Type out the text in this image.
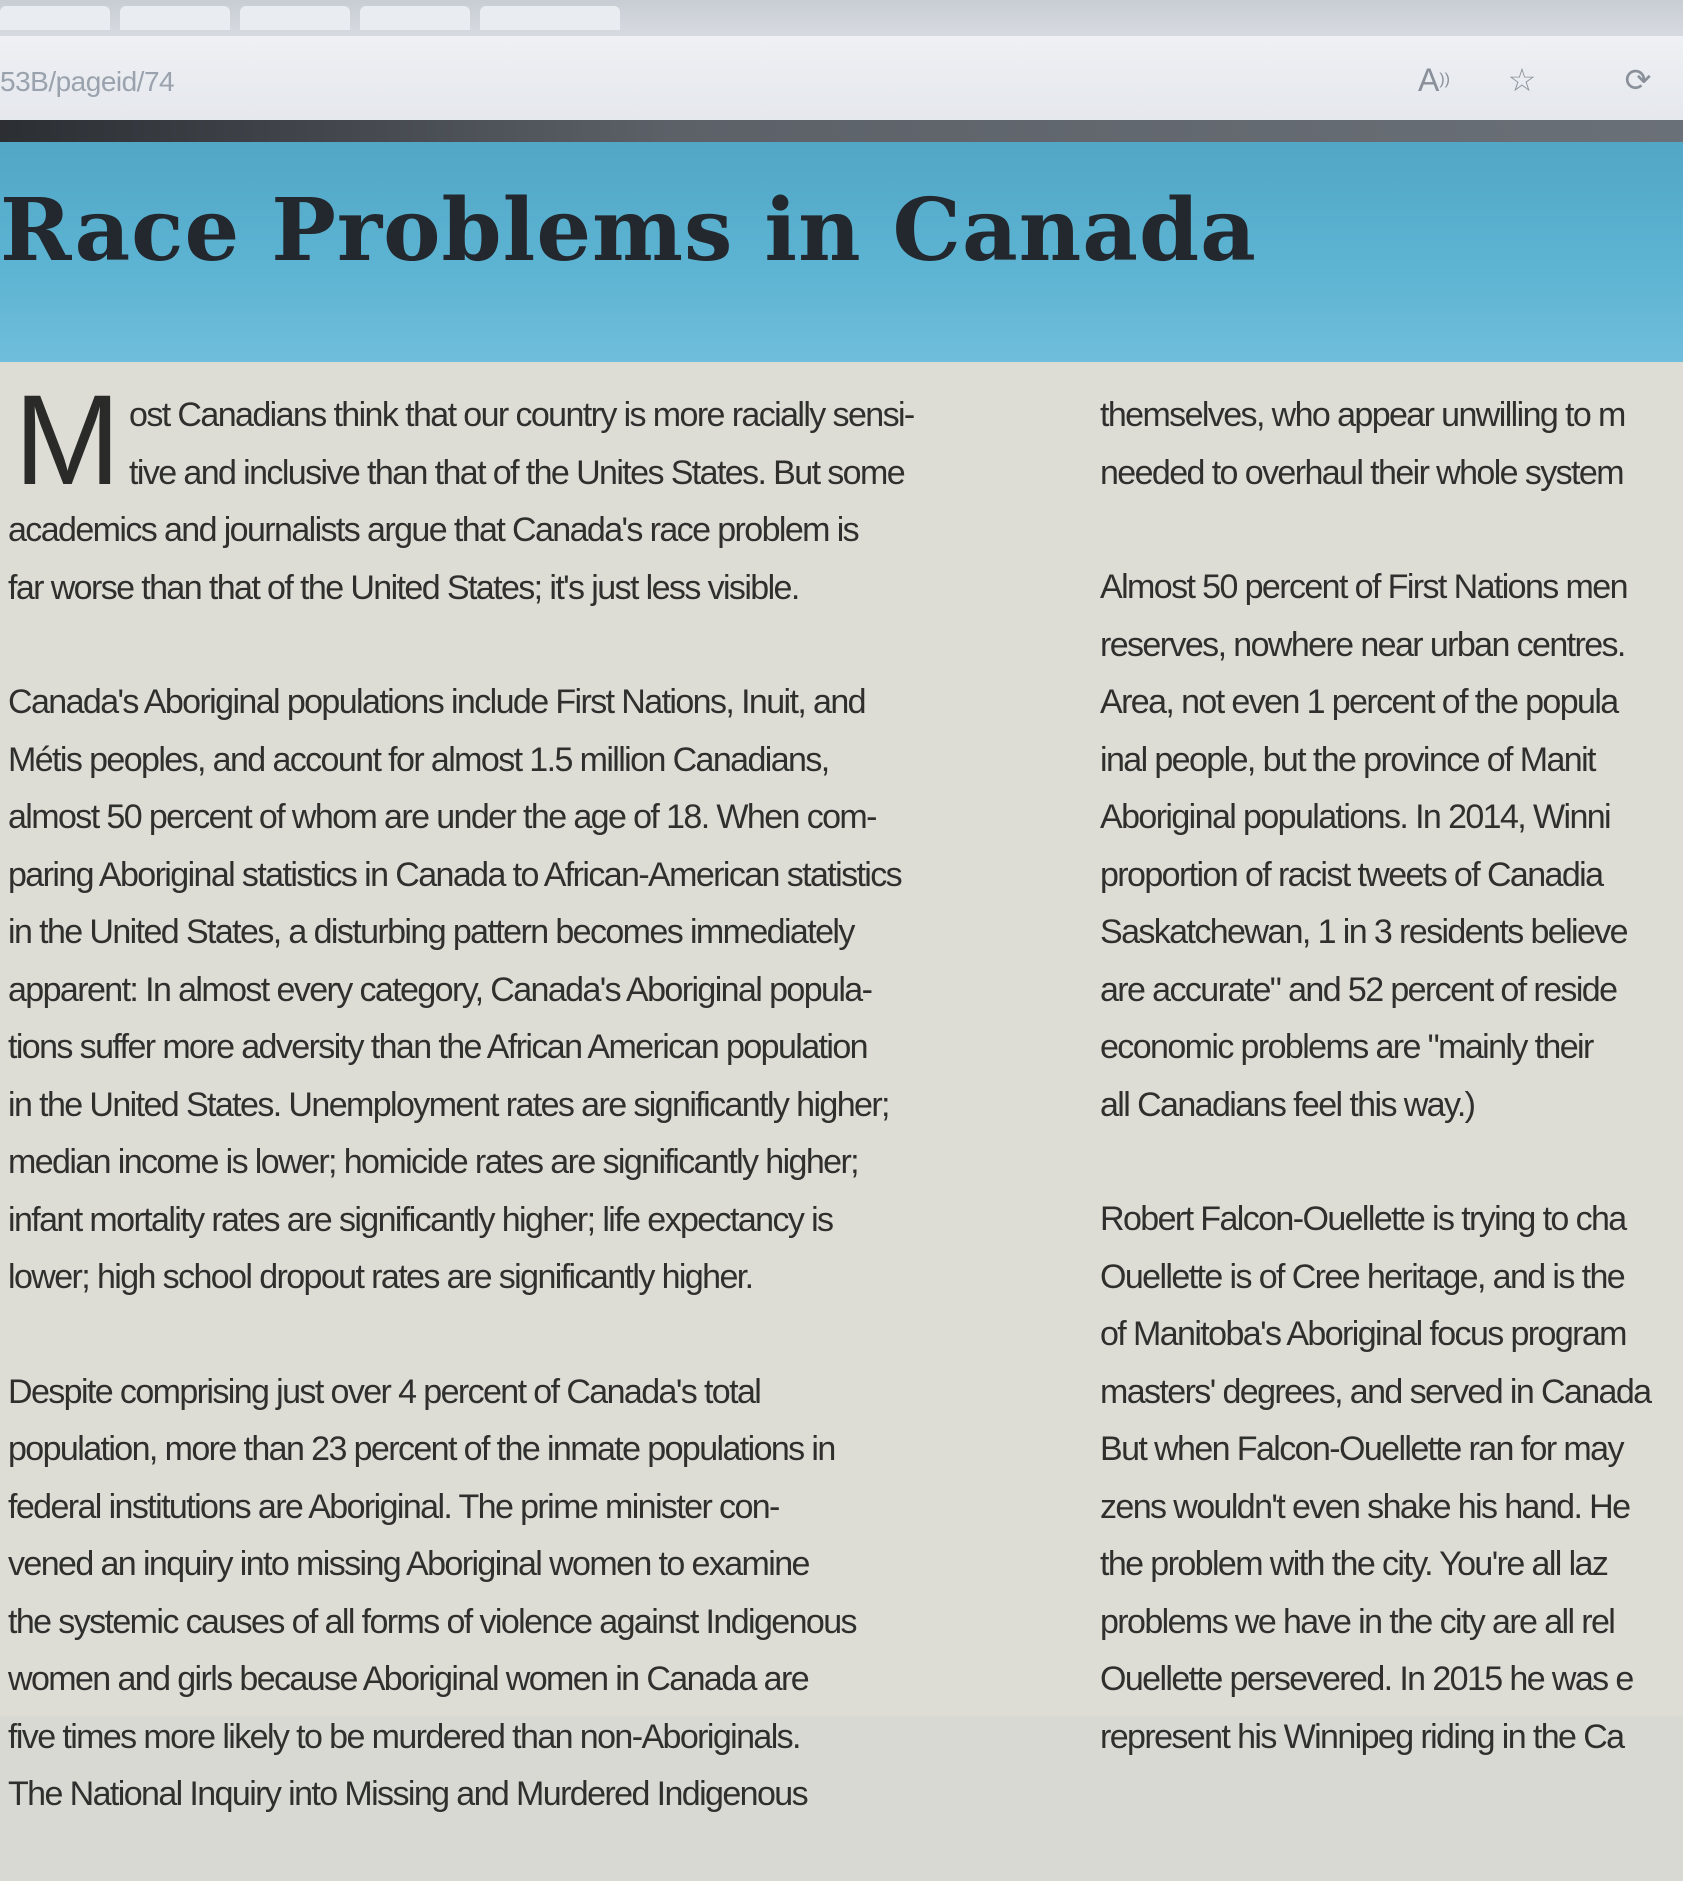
53B/pageid/74	A )) ☆	⟳
Race Problems in Canada

M ost Canadians think that our country is more racially sensi-
tive and inclusive than that of the Unites States. But some
academics and journalists argue that Canada's race problem is
far worse than that of the United States; it's just less visible.

Canada's Aboriginal populations include First Nations, Inuit, and
Métis peoples, and account for almost 1.5 million Canadians,
almost 50 percent of whom are under the age of 18. When com-
paring Aboriginal statistics in Canada to African-American statistics
in the United States, a disturbing pattern becomes immediately
apparent: In almost every category, Canada's Aboriginal popula-
tions suffer more adversity than the African American population
in the United States. Unemployment rates are significantly higher;
median income is lower; homicide rates are significantly higher;
infant mortality rates are significantly higher; life expectancy is
lower; high school dropout rates are significantly higher.

Despite comprising just over 4 percent of Canada's total
population, more than 23 percent of the inmate populations in
federal institutions are Aboriginal. The prime minister con-
vened an inquiry into missing Aboriginal women to examine
the systemic causes of all forms of violence against Indigenous
women and girls because Aboriginal women in Canada are
five times more likely to be murdered than non-Aboriginals.
The National Inquiry into Missing and Murdered Indigenous

themselves, who appear unwilling to m
needed to overhaul their whole system

Almost 50 percent of First Nations men
reserves, nowhere near urban centres.
Area, not even 1 percent of the popula
inal people, but the province of Manit
Aboriginal populations. In 2014, Winni
proportion of racist tweets of Canadia
Saskatchewan, 1 in 3 residents believe
are accurate" and 52 percent of reside
economic problems are "mainly their
all Canadians feel this way.)

Robert Falcon-Ouellette is trying to cha
Ouellette is of Cree heritage, and is the
of Manitoba's Aboriginal focus program
masters' degrees, and served in Canada
But when Falcon-Ouellette ran for may
zens wouldn't even shake his hand. He
the problem with the city. You're all laz
problems we have in the city are all rel
Ouellette persevered. In 2015 he was e
represent his Winnipeg riding in the Ca
